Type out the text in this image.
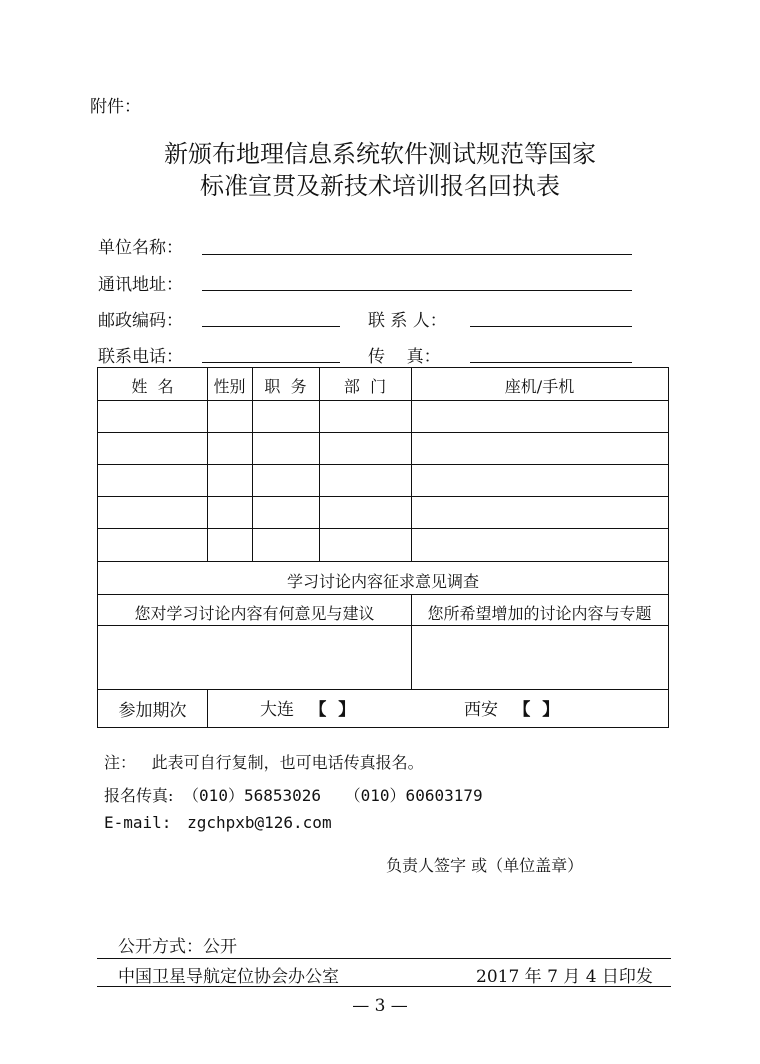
附件：
新颁布地理信息系统软件测试规范等国家
标准宣贯及新技术培训报名回执表
单位名称：
通讯地址：
邮政编码：	联 系 人：
联系电话：	传    真：
姓  名	性别	职  务	部  门	座机/手机
学习讨论内容征求意见调查
您对学习讨论内容有何意见与建议	您所希望增加的讨论内容与专题
参加期次	大连 【  】	西安 【  】
注： 此表可自行复制，也可电话传真报名。
报名传真: （010）56853026 （010）60603179
E-mail: zgchpxb@126.com
负责人签字 或（单位盖章）
公开方式：公开
中国卫星导航定位协会办公室	2017 年 7 月 4 日印发
— 3 —
